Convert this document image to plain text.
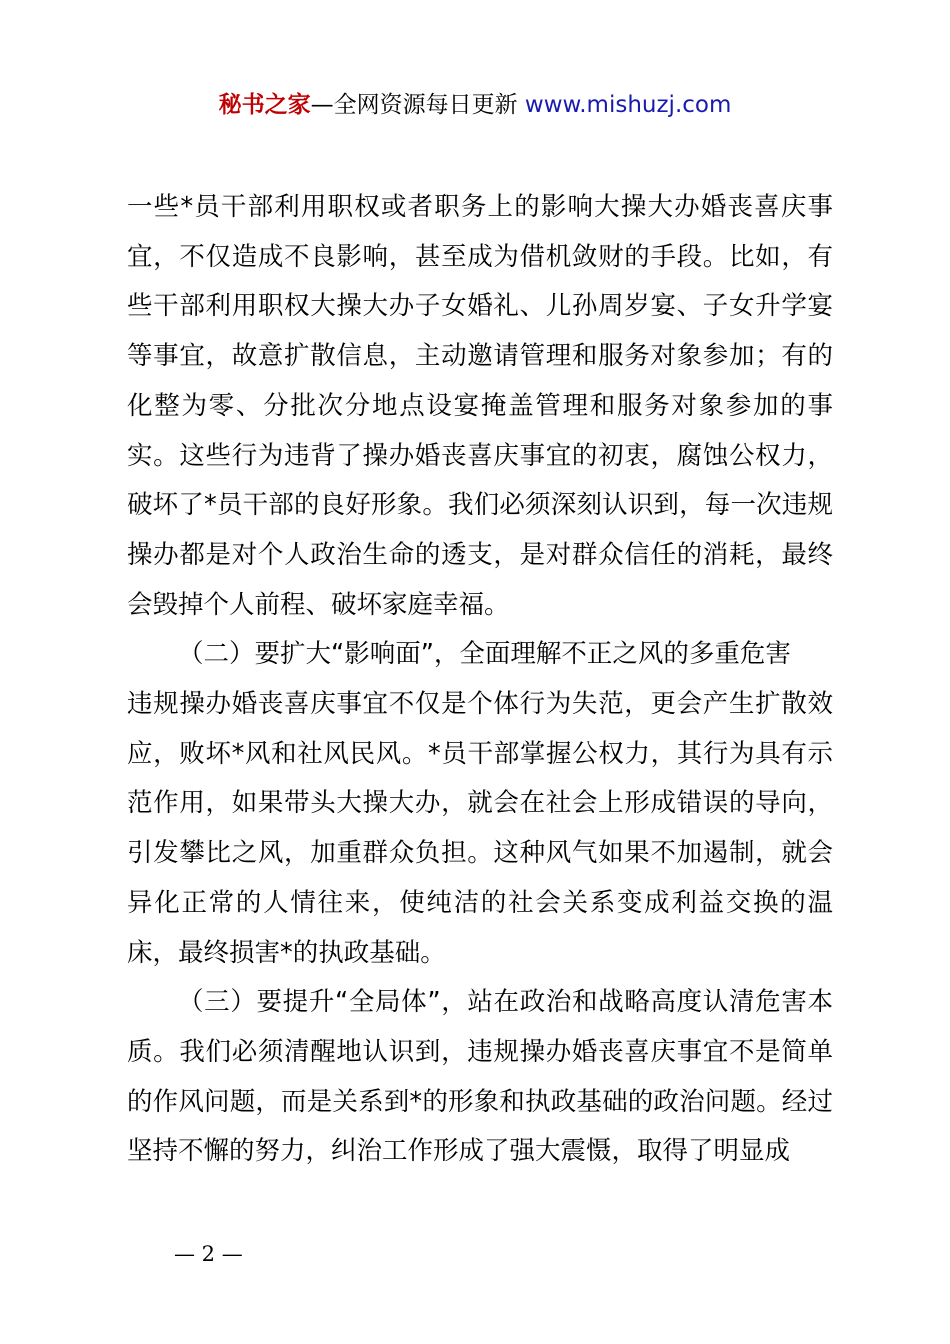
秘书之家—全网资源每日更新 www.mishuzj.com

一些*员干部利用职权或者职务上的影响大操大办婚丧喜庆事宜，不仅造成不良影响，甚至成为借机敛财的手段。比如，有些干部利用职权大操大办子女婚礼、儿孙周岁宴、子女升学宴等事宜，故意扩散信息，主动邀请管理和服务对象参加；有的化整为零、分批次分地点设宴掩盖管理和服务对象参加的事实。这些行为违背了操办婚丧喜庆事宜的初衷，腐蚀公权力，破坏了*员干部的良好形象。我们必须深刻认识到，每一次违规操办都是对个人政治生命的透支，是对群众信任的消耗，最终会毁掉个人前程、破坏家庭幸福。

（二）要扩大“影响面”，全面理解不正之风的多重危害

违规操办婚丧喜庆事宜不仅是个体行为失范，更会产生扩散效应，败坏*风和社风民风。*员干部掌握公权力，其行为具有示范作用，如果带头大操大办，就会在社会上形成错误的导向，引发攀比之风，加重群众负担。这种风气如果不加遏制，就会异化正常的人情往来，使纯洁的社会关系变成利益交换的温床，最终损害*的执政基础。

（三）要提升“全局体”，站在政治和战略高度认清危害本质。我们必须清醒地认识到，违规操办婚丧喜庆事宜不是简单的作风问题，而是关系到*的形象和执政基础的政治问题。经过坚持不懈的努力，纠治工作形成了强大震慑，取得了明显成

— 2 —
